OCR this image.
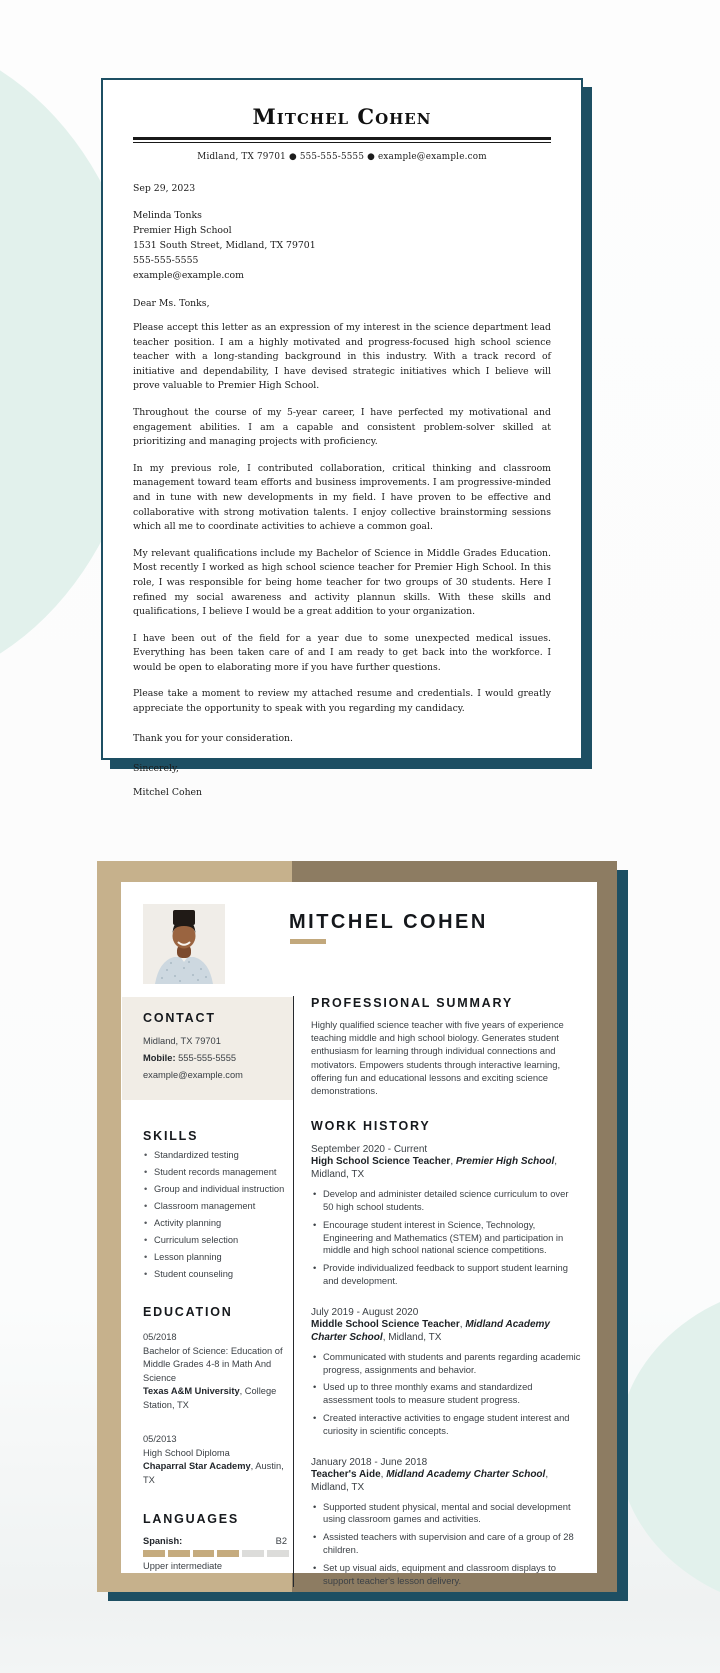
Mitchel Cohen
Midland, TX 79701 ● 555-555-5555 ● example@example.com
Sep 29, 2023
Melinda Tonks
Premier High School
1531 South Street, Midland, TX 79701
555-555-5555
example@example.com
Dear Ms. Tonks,

Please accept this letter as an expression of my interest in the science department lead teacher position. I am a highly motivated and progress-focused high school science teacher with a long-standing background in this industry. With a track record of initiative and dependability, I have devised strategic initiatives which I believe will prove valuable to Premier High School.

Throughout the course of my 5-year career, I have perfected my motivational and engagement abilities. I am a capable and consistent problem-solver skilled at prioritizing and managing projects with proficiency.

In my previous role, I contributed collaboration, critical thinking and classroom management toward team efforts and business improvements. I am progressive-minded and in tune with new developments in my field. I have proven to be effective and collaborative with strong motivation talents. I enjoy collective brainstorming sessions which all me to coordinate activities to achieve a common goal.

My relevant qualifications include my Bachelor of Science in Middle Grades Education. Most recently I worked as high school science teacher for Premier High School. In this role, I was responsible for being home teacher for two groups of 30 students. Here I refined my social awareness and activity plannun skills. With these skills and qualifications, I believe I would be a great addition to your organization.

I have been out of the field for a year due to some unexpected medical issues. Everything has been taken care of and I am ready to get back into the workforce. I would be open to elaborating more if you have further questions.

Please take a moment to review my attached resume and credentials. I would greatly appreciate the opportunity to speak with you regarding my candidacy.

Thank you for your consideration.
Sincerely,
Mitchel Cohen
MITCHEL COHEN
CONTACT
Midland, TX 79701
Mobile: 555-555-5555
example@example.com
SKILLS
• Standardized testing
• Student records management
• Group and individual instruction
• Classroom management
• Activity planning
• Curriculum selection
• Lesson planning
• Student counseling
EDUCATION
05/2018
Bachelor of Science: Education of Middle Grades 4-8 in Math And Science
Texas A&M University, College Station, TX
05/2013
High School Diploma
Chaparral Star Academy, Austin, TX
LANGUAGES
Spanish:	B2
Upper intermediate
PROFESSIONAL SUMMARY
Highly qualified science teacher with five years of experience teaching middle and high school biology. Generates student enthusiasm for learning through individual connections and motivators. Empowers students through interactive learning, offering fun and educational lessons and exciting science demonstrations.
WORK HISTORY
September 2020 - Current
High School Science Teacher, Premier High School, Midland, TX
• Develop and administer detailed science curriculum to over 50 high school students.
• Encourage student interest in Science, Technology, Engineering and Mathematics (STEM) and participation in middle and high school national science competitions.
• Provide individualized feedback to support student learning and development.
July 2019 - August 2020
Middle School Science Teacher, Midland Academy Charter School, Midland, TX
• Communicated with students and parents regarding academic progress, assignments and behavior.
• Used up to three monthly exams and standardized assessment tools to measure student progress.
• Created interactive activities to engage student interest and curiosity in scientific concepts.
January 2018 - June 2018
Teacher's Aide, Midland Academy Charter School, Midland, TX
• Supported student physical, mental and social development using classroom games and activities.
• Assisted teachers with supervision and care of a group of 28 children.
• Set up visual aids, equipment and classroom displays to support teacher's lesson delivery.
